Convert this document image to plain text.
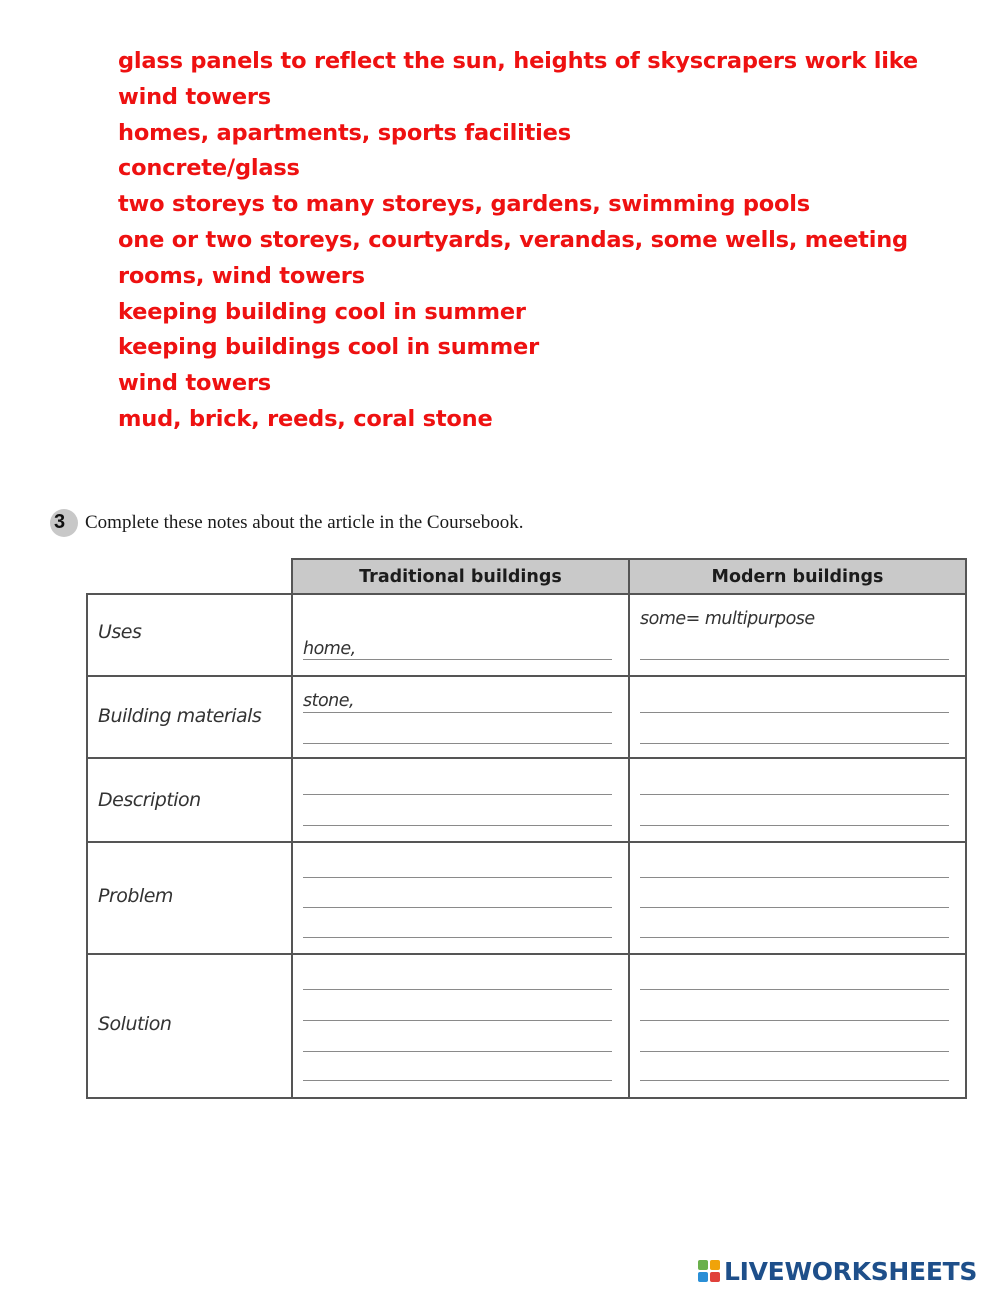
glass panels to reflect the sun, heights of skyscrapers work like
wind towers
homes, apartments, sports facilities
concrete/glass
two storeys to many storeys, gardens, swimming pools
one or two storeys, courtyards, verandas, some wells, meeting
rooms, wind towers
keeping building cool in summer
keeping buildings cool in summer
wind towers
mud, brick, reeds, coral stone
3 Complete these notes about the article in the Coursebook.
	Traditional buildings	Modern buildings

Uses	home,	some= multipurpose

Building materials	stone,	

Description		

Problem		

Solution		

LIVEWORKSHEETS
